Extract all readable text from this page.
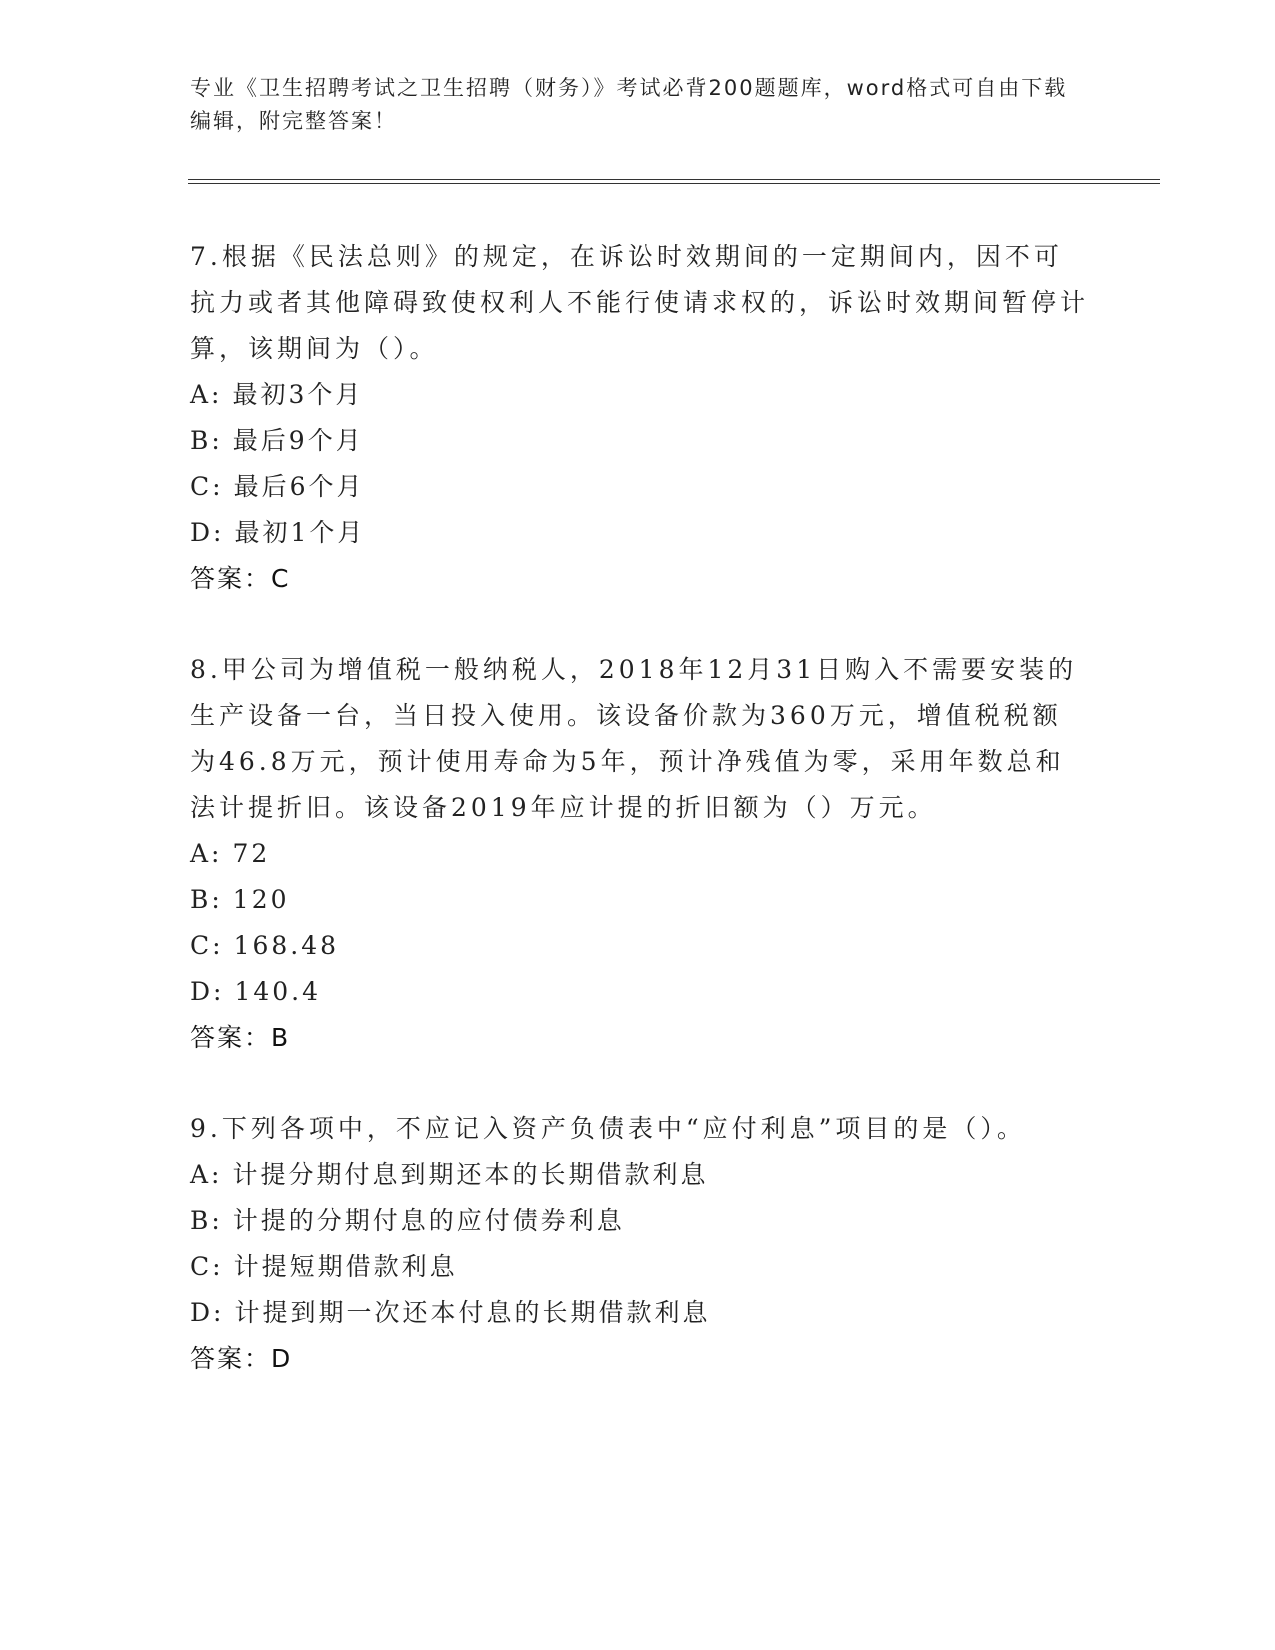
专业《卫生招聘考试之卫生招聘（财务）》考试必背200题题库，word格式可自由下载编辑，附完整答案！

7.根据《民法总则》的规定，在诉讼时效期间的一定期间内，因不可抗力或者其他障碍致使权利人不能行使请求权的，诉讼时效期间暂停计算，该期间为（）。

A: 最初3个月
B: 最后9个月
C: 最后6个月
D: 最初1个月
答案：C

8.甲公司为增值税一般纳税人，2018年12月31日购入不需要安装的生产设备一台，当日投入使用。该设备价款为360万元，增值税税额为46.8万元，预计使用寿命为5年，预计净残值为零，采用年数总和法计提折旧。该设备2019年应计提的折旧额为（）万元。

A: 72
B: 120
C: 168.48
D: 140.4
答案：B

9.下列各项中，不应记入资产负债表中“应付利息”项目的是（）。

A: 计提分期付息到期还本的长期借款利息
B: 计提的分期付息的应付债券利息
C: 计提短期借款利息
D: 计提到期一次还本付息的长期借款利息
答案：D
